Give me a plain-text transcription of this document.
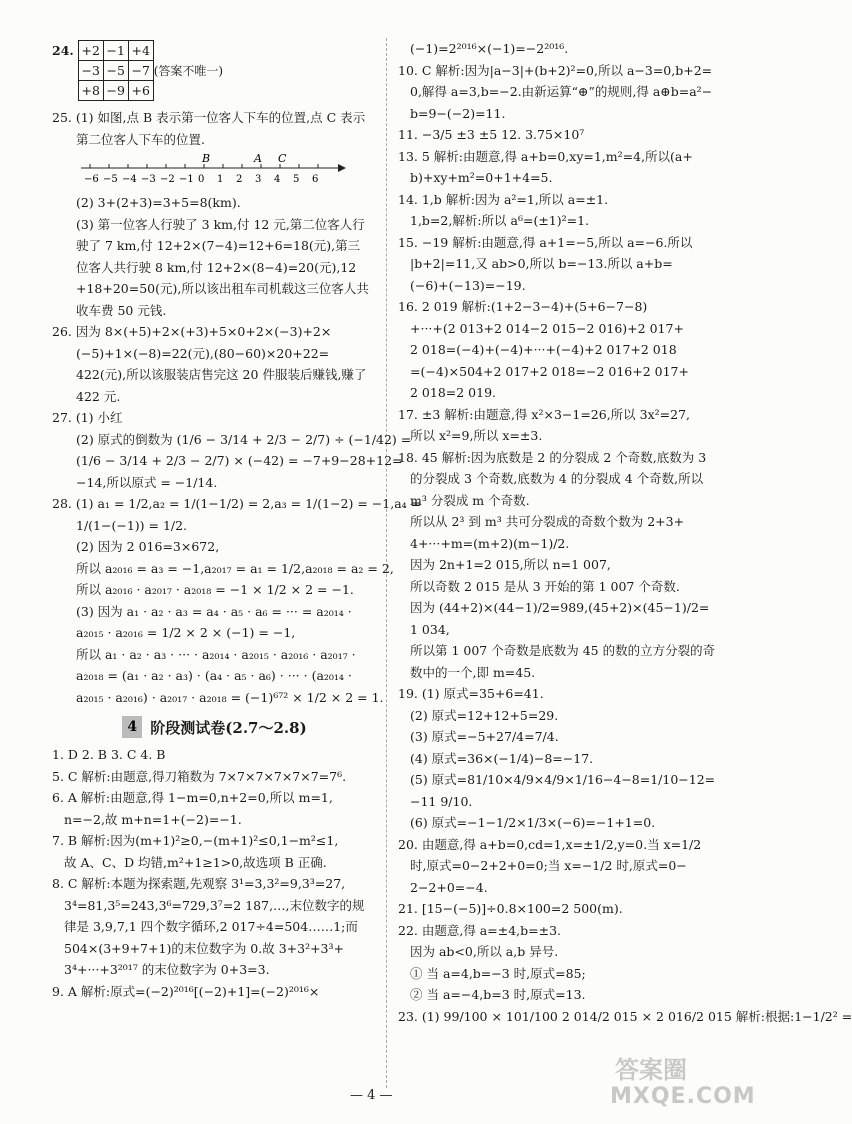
24. +2	−1	+4
−3	−5	−7
+8	−9	+6
(答案不唯一)
25. (1) 如图,点 B 表示第一位客人下车的位置,点 C 表示
第二位客人下车的位置.
−6 −5 −4 −3 −2 −1 0 1 2 3 4 5 6
B	A C
(2) 3+(2+3)=3+5=8(km).
(3) 第一位客人行驶了 3 km,付 12 元,第二位客人行
驶了 7 km,付 12+2×(7−4)=12+6=18(元),第三
位客人共行驶 8 km,付 12+2×(8−4)=20(元),12
+18+20=50(元),所以该出租车司机载这三位客人共
收车费 50 元钱.
26. 因为 8×(+5)+2×(+3)+5×0+2×(−3)+2×
(−5)+1×(−8)=22(元),(80−60)×20+22=
422(元),所以该服装店售完这 20 件服装后赚钱,赚了
422 元.
27. (1) 小红
(2) 原式的倒数为 (1/6 − 3/14 + 2/3 − 2/7) ÷ (−1/42) =
(1/6 − 3/14 + 2/3 − 2/7) × (−42) = −7+9−28+12=
−14,所以原式 = −1/14.
28. (1) a₁ = 1/2,a₂ = 1/(1−1/2) = 2,a₃ = 1/(1−2) = −1,a₄ =
1/(1−(−1)) = 1/2.
(2) 因为 2 016=3×672,
所以 a₂₀₁₆ = a₃ = −1,a₂₀₁₇ = a₁ = 1/2,a₂₀₁₈ = a₂ = 2,
所以 a₂₀₁₆ · a₂₀₁₇ · a₂₀₁₈ = −1 × 1/2 × 2 = −1.
(3) 因为 a₁ · a₂ · a₃ = a₄ · a₅ · a₆ = ··· = a₂₀₁₄ ·
a₂₀₁₅ · a₂₀₁₆ = 1/2 × 2 × (−1) = −1,
所以 a₁ · a₂ · a₃ · ··· · a₂₀₁₄ · a₂₀₁₅ · a₂₀₁₆ · a₂₀₁₇ ·
a₂₀₁₈ = (a₁ · a₂ · a₃) · (a₄ · a₅ · a₆) · ··· · (a₂₀₁₄ ·
a₂₀₁₅ · a₂₀₁₆) · a₂₀₁₇ · a₂₀₁₈ = (−1)⁶⁷² × 1/2 × 2 = 1.
4 阶段测试卷(2.7～2.8)
1. D 2. B 3. C 4. B
5. C 解析:由题意,得刀箱数为 7×7×7×7×7×7=7⁶.
6. A 解析:由题意,得 1−m=0,n+2=0,所以 m=1,
n=−2,故 m+n=1+(−2)=−1.
7. B 解析:因为(m+1)²≥0,−(m+1)²≤0,1−m²≤1,
故 A、C、D 均错,m²+1≥1>0,故选项 B 正确.
8. C 解析:本题为探索题,先观察 3¹=3,3²=9,3³=27,
3⁴=81,3⁵=243,3⁶=729,3⁷=2 187,…,末位数字的规
律是 3,9,7,1 四个数字循环,2 017÷4=504……1;而
504×(3+9+7+1)的末位数字为 0.故 3+3²+3³+
3⁴+···+3²⁰¹⁷ 的末位数字为 0+3=3.
9. A 解析:原式=(−2)²⁰¹⁶[(−2)+1]=(−2)²⁰¹⁶×
(−1)=2²⁰¹⁶×(−1)=−2²⁰¹⁶.
10. C 解析:因为|a−3|+(b+2)²=0,所以 a−3=0,b+2=
0,解得 a=3,b=−2.由新运算“⊕”的规则,得 a⊕b=a²−
b=9−(−2)=11.
11. −3/5 ±3 ±5 12. 3.75×10⁷
13. 5 解析:由题意,得 a+b=0,xy=1,m²=4,所以(a+
b)+xy+m²=0+1+4=5.
14. 1,b 解析:因为 a²=1,所以 a=±1.
1,b=2,解析:所以 a⁶=(±1)²=1.
15. −19 解析:由题意,得 a+1=−5,所以 a=−6.所以
|b+2|=11,又 ab>0,所以 b=−13.所以 a+b=
(−6)+(−13)=−19.
16. 2 019 解析:(1+2−3−4)+(5+6−7−8)
+···+(2 013+2 014−2 015−2 016)+2 017+
2 018=(−4)+(−4)+···+(−4)+2 017+2 018
=(−4)×504+2 017+2 018=−2 016+2 017+
2 018=2 019.
17. ±3 解析:由题意,得 x²×3−1=26,所以 3x²=27,
所以 x²=9,所以 x=±3.
18. 45 解析:因为底数是 2 的分裂成 2 个奇数,底数为 3
的分裂成 3 个奇数,底数为 4 的分裂成 4 个奇数,所以
m³ 分裂成 m 个奇数.
所以从 2³ 到 m³ 共可分裂成的奇数个数为 2+3+
4+···+m=(m+2)(m−1)/2.
因为 2n+1=2 015,所以 n=1 007,
所以奇数 2 015 是从 3 开始的第 1 007 个奇数.
因为 (44+2)×(44−1)/2=989,(45+2)×(45−1)/2=
1 034,
所以第 1 007 个奇数是底数为 45 的数的立方分裂的奇
数中的一个,即 m=45.
19. (1) 原式=35+6=41.
(2) 原式=12+12+5=29.
(3) 原式=−5+27/4=7/4.
(4) 原式=36×(−1/4)−8=−17.
(5) 原式=81/10×4/9×4/9×1/16−4−8=1/10−12=
−11 9/10.
(6) 原式=−1−1/2×1/3×(−6)=−1+1=0.
20. 由题意,得 a+b=0,cd=1,x=±1/2,y=0.当 x=1/2
时,原式=0−2+2+0=0;当 x=−1/2 时,原式=0−
2−2+0=−4.
21. [15−(−5)]÷0.8×100=2 500(m).
22. 由题意,得 a=±4,b=±3.
因为 ab<0,所以 a,b 异号.
① 当 a=4,b=−3 时,原式=85;
② 当 a=−4,b=3 时,原式=13.
23. (1) 99/100 × 101/100 2 014/2 015 × 2 016/2 015 解析:根据:1−1/2² =
— 4 —
答案圈
MXQE.COM
